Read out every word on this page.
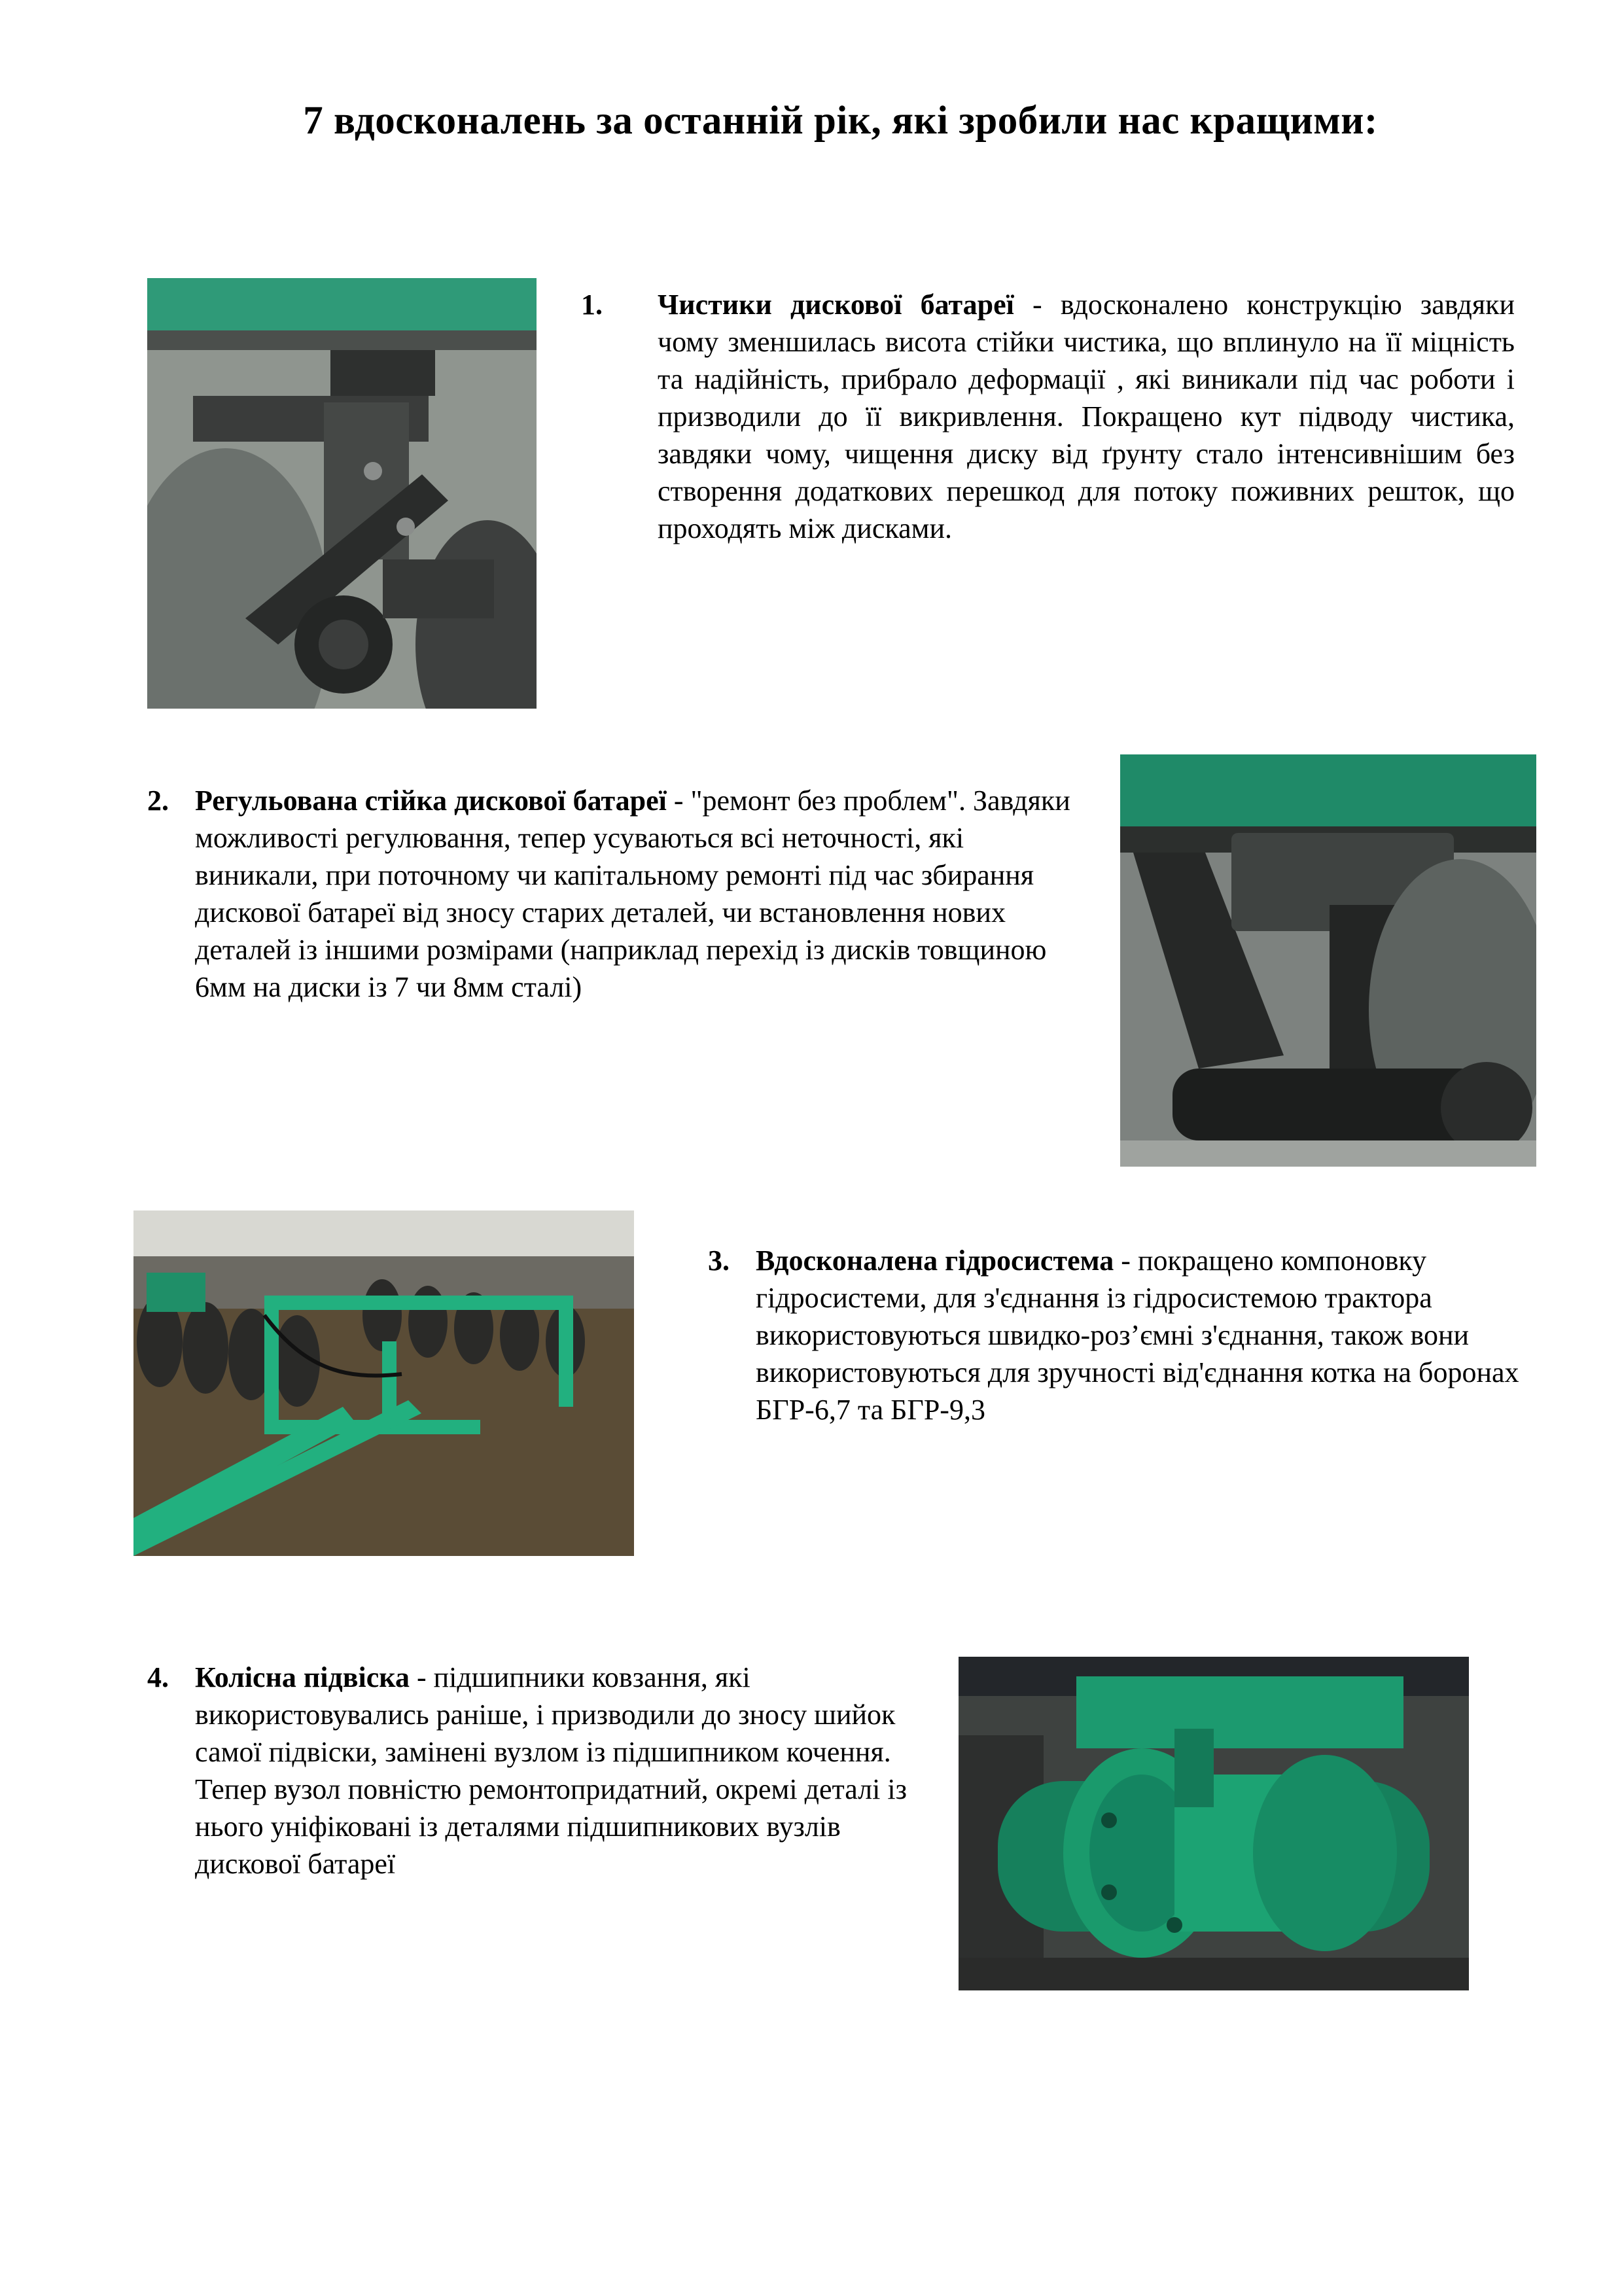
7 вдосконалень за останній рік, які зробили нас кращими:
1. Чистики дискової батареї - вдосконалено конструкцію завдяки чому зменшилась висота стійки чистика, що вплинуло на її міцність та надійність, прибрало деформації , які виникали під час роботи і призводили до її викривлення. Покращено кут підводу чистика, завдяки чому, чищення диску від ґрунту стало інтенсивнішим без створення додаткових перешкод для потоку поживних решток, що проходять між дисками.
2. Регульована стійка дискової батареї - "ремонт без проблем". Завдяки можливості регулювання, тепер усуваються всі неточності, які виникали, при поточному чи капітальному ремонті під час збирання дискової батареї від зносу старих деталей, чи встановлення нових деталей із іншими розмірами (наприклад перехід із дисків товщиною 6мм на диски із 7 чи 8мм сталі)
3. Вдосконалена гідросистема - покращено компоновку гідросистеми, для з'єднання із гідросистемою трактора використовуються швидко-роз’ємні з'єднання, також вони використовуються для зручності від'єднання котка на боронах БГР-6,7 та БГР-9,3
4. Колісна підвіска - підшипники ковзання, які використовувались раніше, і призводили до зносу шийок самої підвіски, замінені вузлом із підшипником кочення. Тепер вузол повністю ремонтопридатний, окремі деталі із нього уніфіковані із деталями підшипникових вузлів дискової батареї
